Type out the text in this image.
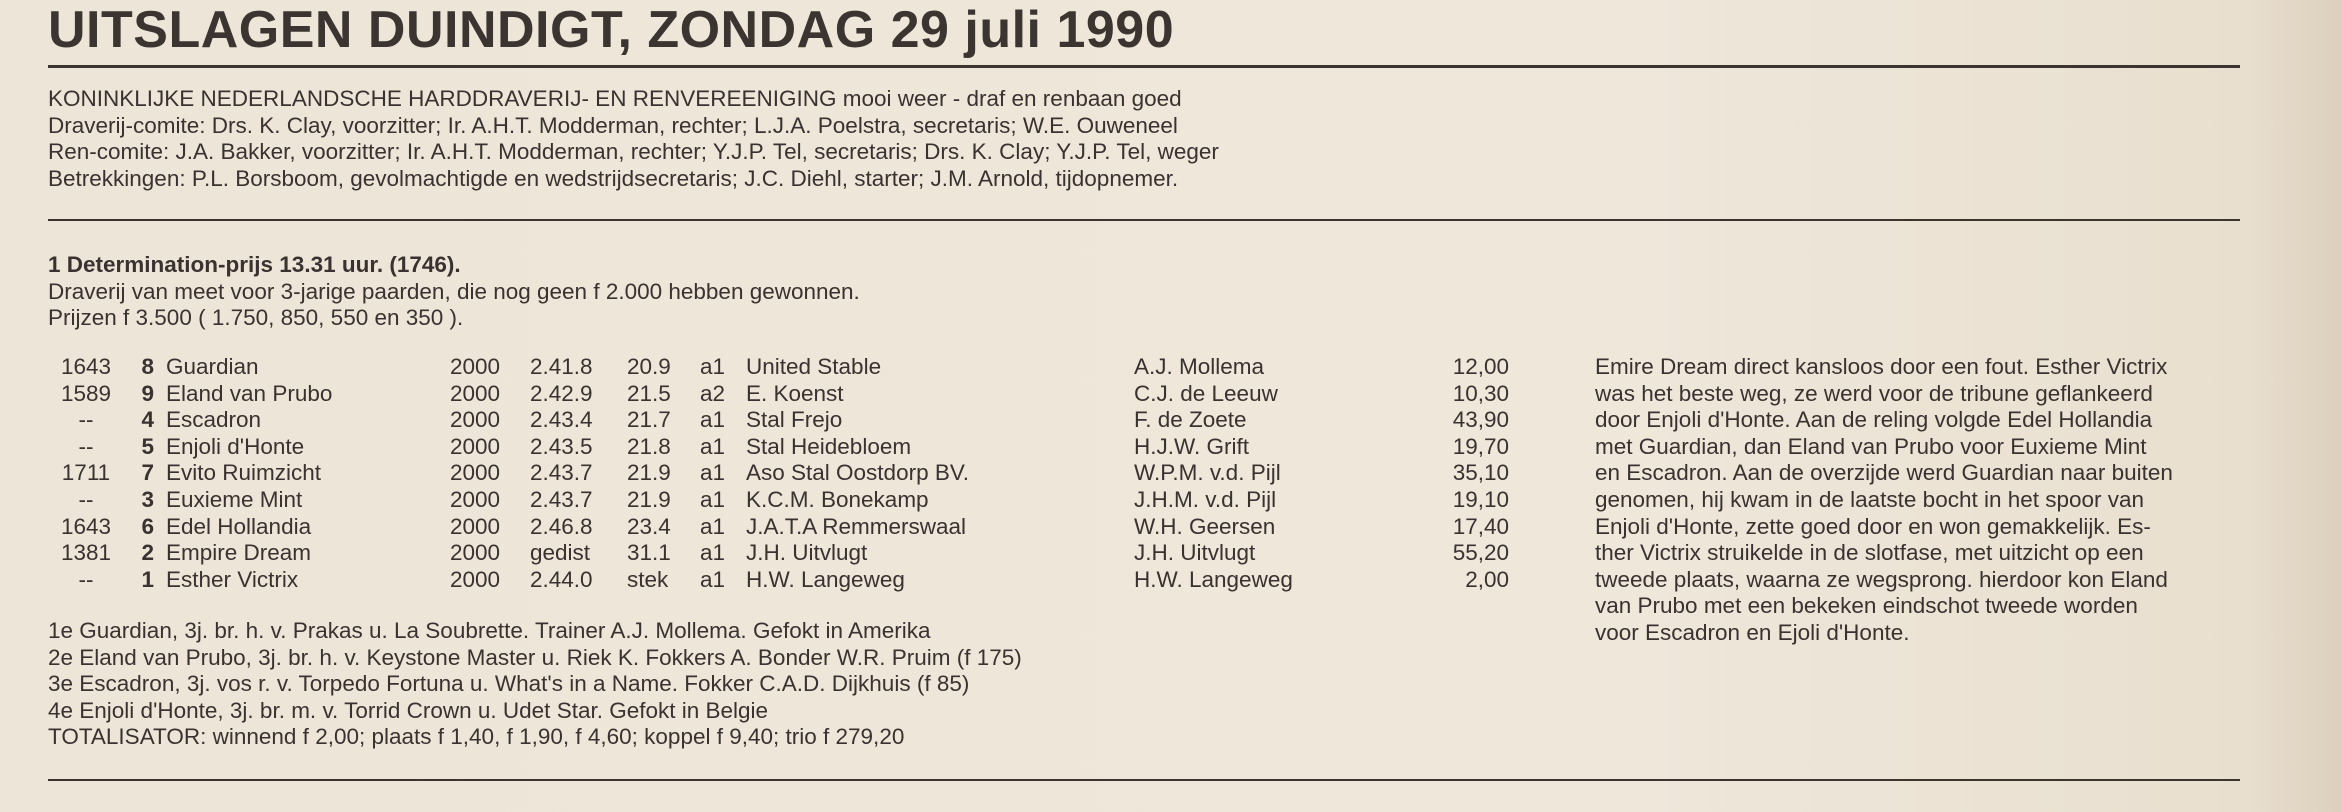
UITSLAGEN DUINDIGT, ZONDAG 29 juli 1990
KONINKLIJKE NEDERLANDSCHE HARDDRAVERIJ- EN RENVEREENIGING mooi weer - draf en renbaan goed
Draverij-comite: Drs. K. Clay, voorzitter; Ir. A.H.T. Modderman, rechter; L.J.A. Poelstra, secretaris; W.E. Ouweneel
Ren-comite: J.A. Bakker, voorzitter; Ir. A.H.T. Modderman, rechter; Y.J.P. Tel, secretaris; Drs. K. Clay; Y.J.P. Tel, weger
Betrekkingen: P.L. Borsboom, gevolmachtigde en wedstrijdsecretaris; J.C. Diehl, starter; J.M. Arnold, tijdopnemer.
1 Determination-prijs 13.31 uur. (1746).
Draverij van meet voor 3-jarige paarden, die nog geen f 2.000 hebben gewonnen.
Prijzen f 3.500 ( 1.750, 850, 550 en 350 ).
1643	8	Guardian	2000	2.41.8	20.9	a1	United Stable	A.J. Mollema	12,00
1589	9	Eland van Prubo	2000	2.42.9	21.5	a2	E. Koenst	C.J. de Leeuw	10,30
--	4	Escadron	2000	2.43.4	21.7	a1	Stal Frejo	F. de Zoete	43,90
--	5	Enjoli d'Honte	2000	2.43.5	21.8	a1	Stal Heidebloem	H.J.W. Grift	19,70
1711	7	Evito Ruimzicht	2000	2.43.7	21.9	a1	Aso Stal Oostdorp BV.	W.P.M. v.d. Pijl	35,10
--	3	Euxieme Mint	2000	2.43.7	21.9	a1	K.C.M. Bonekamp	J.H.M. v.d. Pijl	19,10
1643	6	Edel Hollandia	2000	2.46.8	23.4	a1	J.A.T.A Remmerswaal	W.H. Geersen	17,40
1381	2	Empire Dream	2000	gedist	31.1	a1	J.H. Uitvlugt	J.H. Uitvlugt	55,20
--	1	Esther Victrix	2000	2.44.0	stek	a1	H.W. Langeweg	H.W. Langeweg	2,00
Emire Dream direct kansloos door een fout. Esther Victrix
was het beste weg, ze werd voor de tribune geflankeerd
door Enjoli d'Honte. Aan de reling volgde Edel Hollandia
met Guardian, dan Eland van Prubo voor Euxieme Mint
en Escadron. Aan de overzijde werd Guardian naar buiten
genomen, hij kwam in de laatste bocht in het spoor van
Enjoli d'Honte, zette goed door en won gemakkelijk. Es-
ther Victrix struikelde in de slotfase, met uitzicht op een
tweede plaats, waarna ze wegsprong. hierdoor kon Eland
van Prubo met een bekeken eindschot tweede worden
voor Escadron en Ejoli d'Honte.
1e Guardian, 3j. br. h. v. Prakas u. La Soubrette. Trainer A.J. Mollema. Gefokt in Amerika
2e Eland van Prubo, 3j. br. h. v. Keystone Master u. Riek K. Fokkers A. Bonder W.R. Pruim (f 175)
3e Escadron, 3j. vos r. v. Torpedo Fortuna u. What's in a Name. Fokker C.A.D. Dijkhuis (f 85)
4e Enjoli d'Honte, 3j. br. m. v. Torrid Crown u. Udet Star. Gefokt in Belgie
TOTALISATOR: winnend f 2,00; plaats f 1,40, f 1,90, f 4,60; koppel f 9,40; trio f 279,20
